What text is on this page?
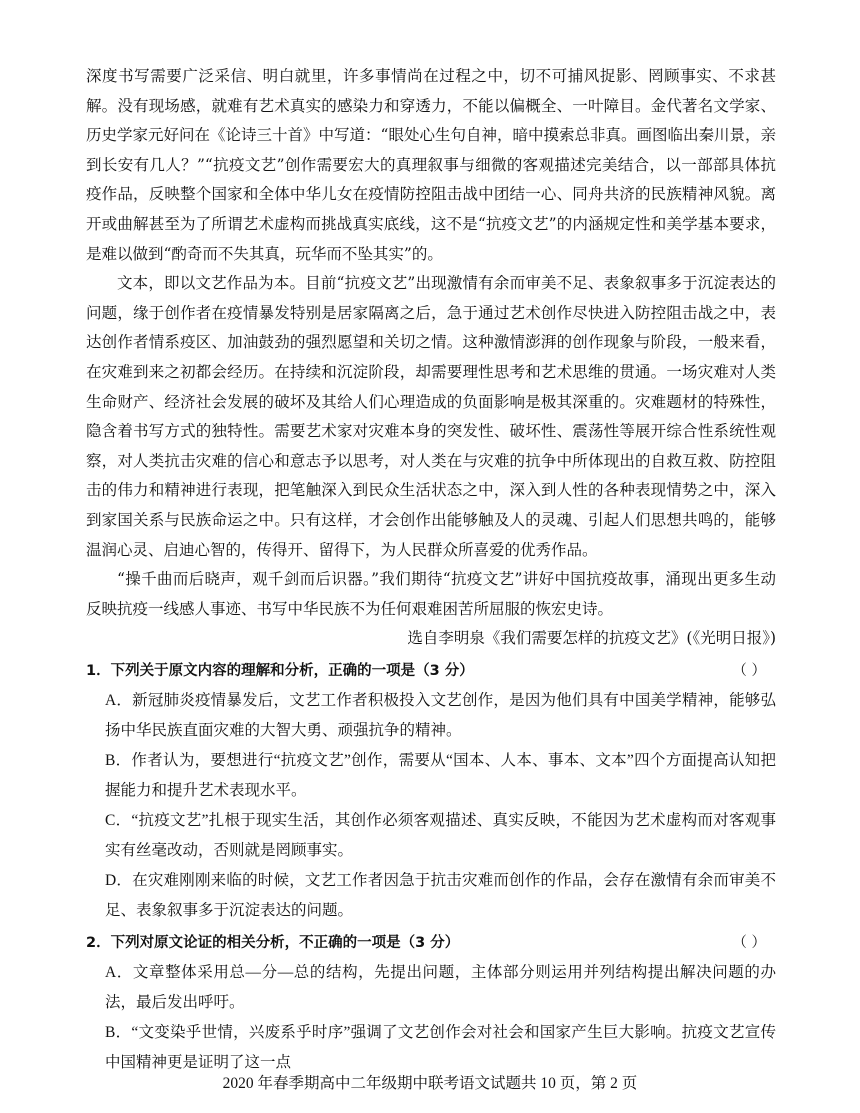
深度书写需要广泛采信、明白就里，许多事情尚在过程之中，切不可捕风捉影、罔顾事实、不求甚解。没有现场感，就难有艺术真实的感染力和穿透力，不能以偏概全、一叶障目。金代著名文学家、历史学家元好问在《论诗三十首》中写道：“眼处心生句自神，暗中摸索总非真。画图临出秦川景，亲到长安有几人？”“抗疫文艺”创作需要宏大的真理叙事与细微的客观描述完美结合，以一部部具体抗疫作品，反映整个国家和全体中华儿女在疫情防控阻击战中团结一心、同舟共济的民族精神风貌。离开或曲解甚至为了所谓艺术虚构而挑战真实底线，这不是“抗疫文艺”的内涵规定性和美学基本要求，是难以做到“酌奇而不失其真，玩华而不坠其实”的。

文本，即以文艺作品为本。目前“抗疫文艺”出现激情有余而审美不足、表象叙事多于沉淀表达的问题，缘于创作者在疫情暴发特别是居家隔离之后，急于通过艺术创作尽快进入防控阻击战之中，表达创作者情系疫区、加油鼓劲的强烈愿望和关切之情。这种激情澎湃的创作现象与阶段，一般来看，在灾难到来之初都会经历。在持续和沉淀阶段，却需要理性思考和艺术思维的贯通。一场灾难对人类生命财产、经济社会发展的破坏及其给人们心理造成的负面影响是极其深重的。灾难题材的特殊性，隐含着书写方式的独特性。需要艺术家对灾难本身的突发性、破坏性、震荡性等展开综合性系统性观察，对人类抗击灾难的信心和意志予以思考，对人类在与灾难的抗争中所体现出的自救互救、防控阻击的伟力和精神进行表现，把笔触深入到民众生活状态之中，深入到人性的各种表现情势之中，深入到家国关系与民族命运之中。只有这样，才会创作出能够触及人的灵魂、引起人们思想共鸣的，能够温润心灵、启迪心智的，传得开、留得下，为人民群众所喜爱的优秀作品。

“操千曲而后晓声，观千剑而后识器。”我们期待“抗疫文艺”讲好中国抗疫故事，涌现出更多生动反映抗疫一线感人事迹、书写中华民族不为任何艰难困苦所屈服的恢宏史诗。

选自李明泉《我们需要怎样的抗疫文艺》(《光明日报》)

1．下列关于原文内容的理解和分析，正确的一项是（3 分）	（ ）

A．新冠肺炎疫情暴发后，文艺工作者积极投入文艺创作，是因为他们具有中国美学精神，能够弘扬中华民族直面灾难的大智大勇、顽强抗争的精神。

B．作者认为，要想进行“抗疫文艺”创作，需要从“国本、人本、事本、文本”四个方面提高认知把握能力和提升艺术表现水平。

C．“抗疫文艺”扎根于现实生活，其创作必须客观描述、真实反映，不能因为艺术虚构而对客观事实有丝毫改动，否则就是罔顾事实。

D．在灾难刚刚来临的时候，文艺工作者因急于抗击灾难而创作的作品，会存在激情有余而审美不足、表象叙事多于沉淀表达的问题。

2．下列对原文论证的相关分析，不正确的一项是（3 分）	（ ）

A．文章整体采用总—分—总的结构，先提出问题，主体部分则运用并列结构提出解决问题的办法，最后发出呼吁。

B．“文变染乎世情，兴废系乎时序”强调了文艺创作会对社会和国家产生巨大影响。抗疫文艺宣传中国精神更是证明了这一点

2020 年春季期高中二年级期中联考语文试题共 10 页，第 2 页
